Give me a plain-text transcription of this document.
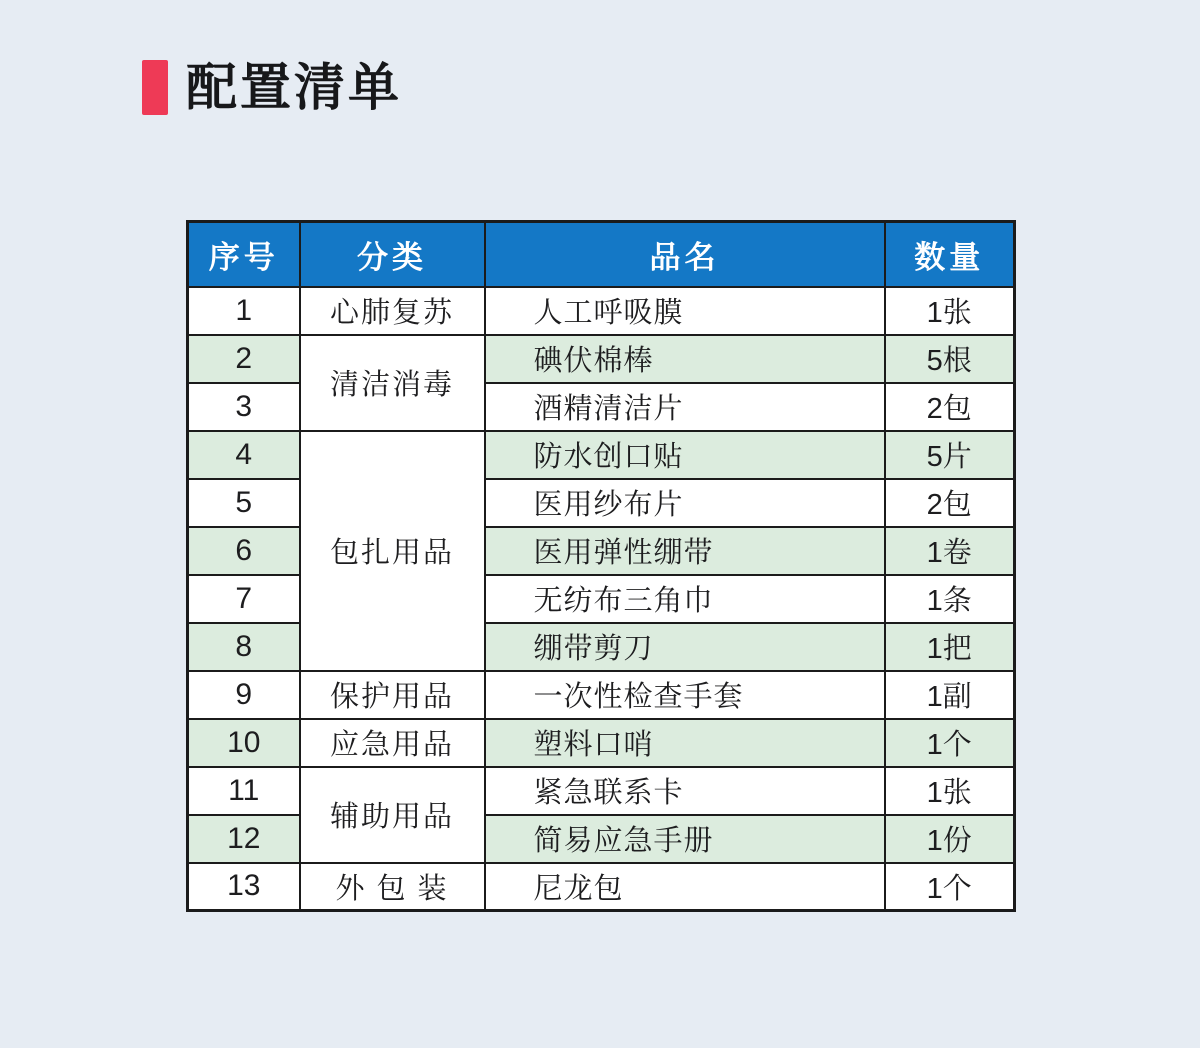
配置清单
序号	分类	品名	数量
1	心肺复苏	人工呼吸膜	1张
2	清洁消毒	碘伏棉棒	5根
3		酒精清洁片	2包
4	包扎用品	防水创口贴	5片
5		医用纱布片	2包
6		医用弹性绷带	1卷
7		无纺布三角巾	1条
8		绷带剪刀	1把
9	保护用品	一次性检查手套	1副
10	应急用品	塑料口哨	1个
11	辅助用品	紧急联系卡	1张
12		简易应急手册	1份
13	外 包 装	尼龙包	1个
